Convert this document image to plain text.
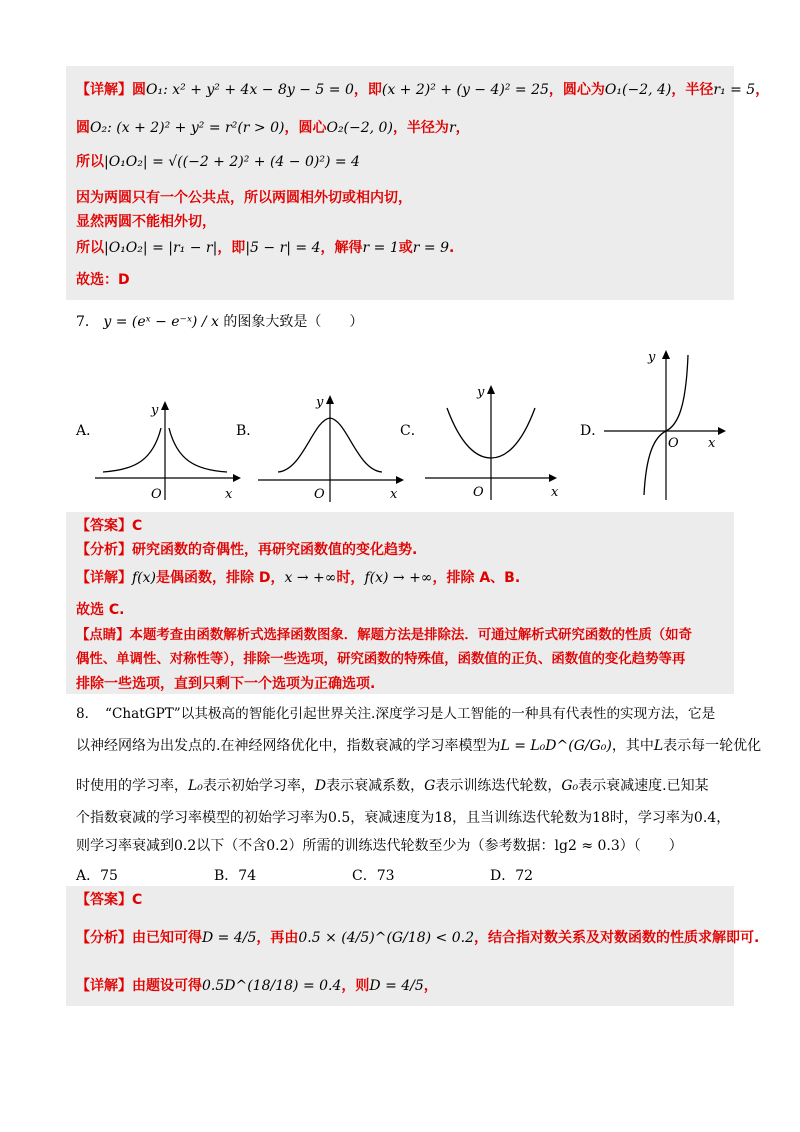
【详解】圆O₁: x² + y² + 4x − 8y − 5 = 0，即(x + 2)² + (y − 4)² = 25，圆心为O₁(−2, 4)，半径r₁ = 5，
圆O₂: (x + 2)² + y² = r²(r > 0)，圆心O₂(−2, 0)，半径为r，
所以|O₁O₂| = √((−2 + 2)² + (4 − 0)²) = 4
因为两圆只有一个公共点，所以两圆相外切或相内切，
显然两圆不能相外切，
所以|O₁O₂| = |r₁ − r|，即|5 − r| = 4，解得r = 1或r = 9.
故选：D
7． y = (eˣ − e⁻ˣ) / x 的图象大致是（　　）
A．
y
O	x
B．
y
O	x
C．
y
O	x
D．
y
O x
【答案】C
【分析】研究函数的奇偶性，再研究函数值的变化趋势.
【详解】f(x)是偶函数，排除 D，x → +∞时，f(x) → +∞，排除 A、B.
故选 C.
【点睛】本题考查由函数解析式选择函数图象．解题方法是排除法．可通过解析式研究函数的性质（如奇
偶性、单调性、对称性等），排除一些选项，研究函数的特殊值，函数值的正负、函数值的变化趋势等再
排除一些选项，直到只剩下一个选项为正确选项.
8．　“ChatGPT”以其极高的智能化引起世界关注.深度学习是人工智能的一种具有代表性的实现方法，它是
以神经网络为出发点的.在神经网络优化中，指数衰减的学习率模型为L = L₀D^(G/G₀)，其中L表示每一轮优化
时使用的学习率，L₀表示初始学习率，D表示衰减系数，G表示训练迭代轮数，G₀表示衰减速度.已知某
个指数衰减的学习率模型的初始学习率为0.5，衰减速度为18，且当训练迭代轮数为18时，学习率为0.4，
则学习率衰减到0.2以下（不含0.2）所需的训练迭代轮数至少为（参考数据：lg2 ≈ 0.3）（　　）
A．75	B．74	C．73	D．72
【答案】C
【分析】由已知可得D = 4/5，再由0.5 × (4/5)^(G/18) < 0.2，结合指对数关系及对数函数的性质求解即可.
【详解】由题设可得0.5D^(18/18) = 0.4，则D = 4/5，
